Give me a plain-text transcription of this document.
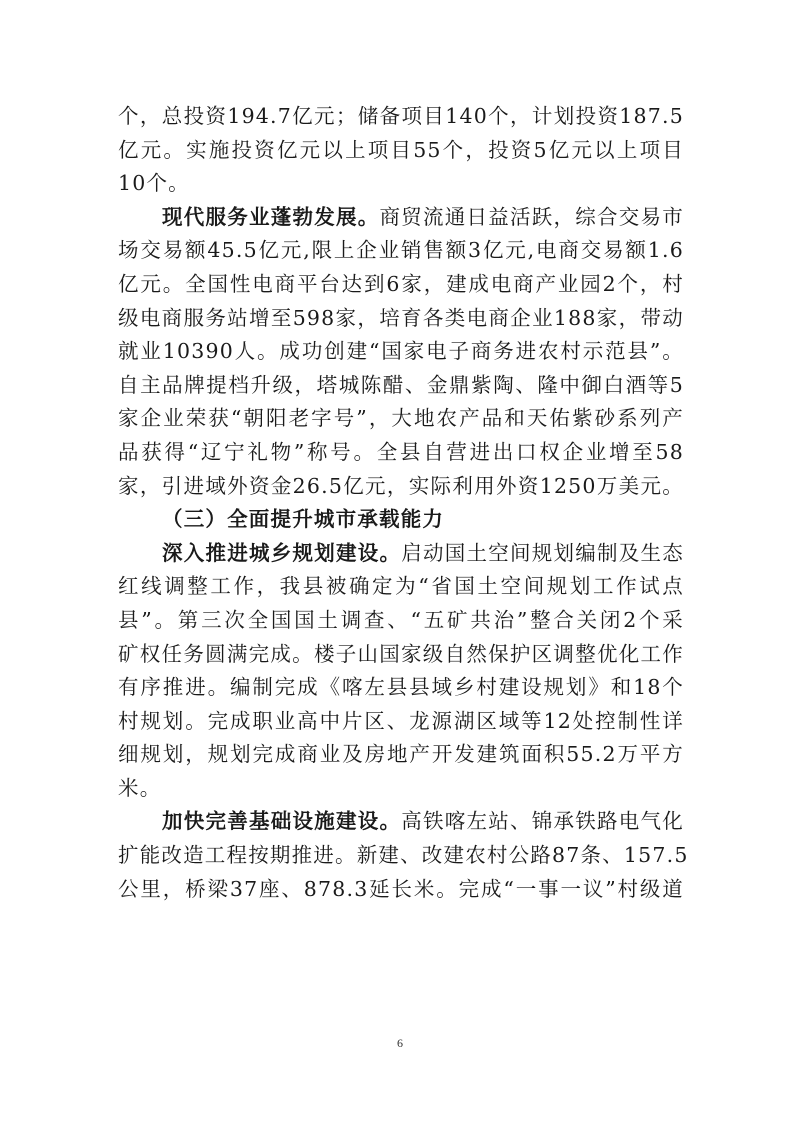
个，总投资194.7亿元；储备项目140个，计划投资187.5
亿元。实施投资亿元以上项目55个，投资5亿元以上项目
10个。
现代服务业蓬勃发展。商贸流通日益活跃，综合交易市
场交易额45.5亿元,限上企业销售额3亿元,电商交易额1.6
亿元。全国性电商平台达到6家，建成电商产业园2个，村
级电商服务站增至598家，培育各类电商企业188家，带动
就业10390人。成功创建“国家电子商务进农村示范县”。
自主品牌提档升级，塔城陈醋、金鼎紫陶、隆中御白酒等5
家企业荣获“朝阳老字号”，大地农产品和天佑紫砂系列产
品获得“辽宁礼物”称号。全县自营进出口权企业增至58
家，引进域外资金26.5亿元，实际利用外资1250万美元。
（三）全面提升城市承载能力
深入推进城乡规划建设。启动国土空间规划编制及生态
红线调整工作，我县被确定为“省国土空间规划工作试点
县”。第三次全国国土调查、“五矿共治”整合关闭2个采
矿权任务圆满完成。楼子山国家级自然保护区调整优化工作
有序推进。编制完成《喀左县县域乡村建设规划》和18个
村规划。完成职业高中片区、龙源湖区域等12处控制性详
细规划，规划完成商业及房地产开发建筑面积55.2万平方
米。
加快完善基础设施建设。高铁喀左站、锦承铁路电气化
扩能改造工程按期推进。新建、改建农村公路87条、157.5
公里，桥梁37座、878.3延长米。完成“一事一议”村级道
6
